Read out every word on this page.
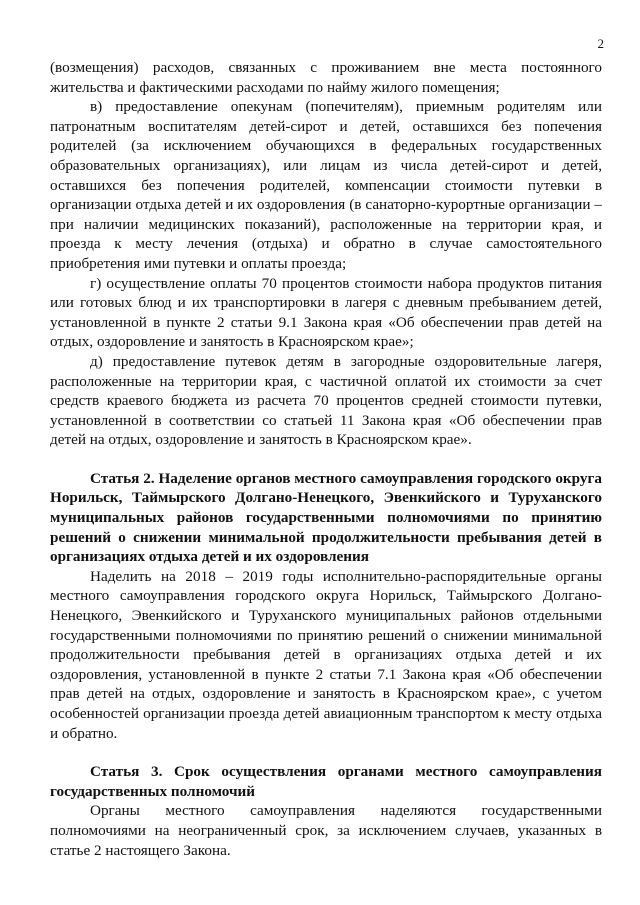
2

(возмещения) расходов, связанных с проживанием вне места постоянного жительства и фактическими расходами по найму жилого помещения;

в) предоставление опекунам (попечителям), приемным родителям или патронатным воспитателям детей-сирот и детей, оставшихся без попечения родителей (за исключением обучающихся в федеральных государственных образовательных организациях), или лицам из числа детей-сирот и детей, оставшихся без попечения родителей, компенсации стоимости путевки в организации отдыха детей и их оздоровления (в санаторно-курортные организации – при наличии медицинских показаний), расположенные на территории края, и проезда к месту лечения (отдыха) и обратно в случае самостоятельного приобретения ими путевки и оплаты проезда;

г) осуществление оплаты 70 процентов стоимости набора продуктов питания или готовых блюд и их транспортировки в лагеря с дневным пребыванием детей, установленной в пункте 2 статьи 9.1 Закона края «Об обеспечении прав детей на отдых, оздоровление и занятость в Красноярском крае»;

д) предоставление путевок детям в загородные оздоровительные лагеря, расположенные на территории края, с частичной оплатой их стоимости за счет средств краевого бюджета из расчета 70 процентов средней стоимости путевки, установленной в соответствии со статьей 11 Закона края «Об обеспечении прав детей на отдых, оздоровление и занятость в Красноярском крае».

Статья 2. Наделение органов местного самоуправления городского округа Норильск, Таймырского Долгано-Ненецкого, Эвенкийского и Туруханского муниципальных районов государственными полномочиями по принятию решений о снижении минимальной продолжительности пребывания детей в организациях отдыха детей и их оздоровления

Наделить на 2018 – 2019 годы исполнительно-распорядительные органы местного самоуправления городского округа Норильск, Таймырского Долгано-Ненецкого, Эвенкийского и Туруханского муниципальных районов отдельными государственными полномочиями по принятию решений о снижении минимальной продолжительности пребывания детей в организациях отдыха детей и их оздоровления, установленной в пункте 2 статьи 7.1 Закона края «Об обеспечении прав детей на отдых, оздоровление и занятость в Красноярском крае», с учетом особенностей организации проезда детей авиационным транспортом к месту отдыха и обратно.

Статья 3. Срок осуществления органами местного самоуправления государственных полномочий

Органы местного самоуправления наделяются государственными полномочиями на неограниченный срок, за исключением случаев, указанных в статье 2 настоящего Закона.
